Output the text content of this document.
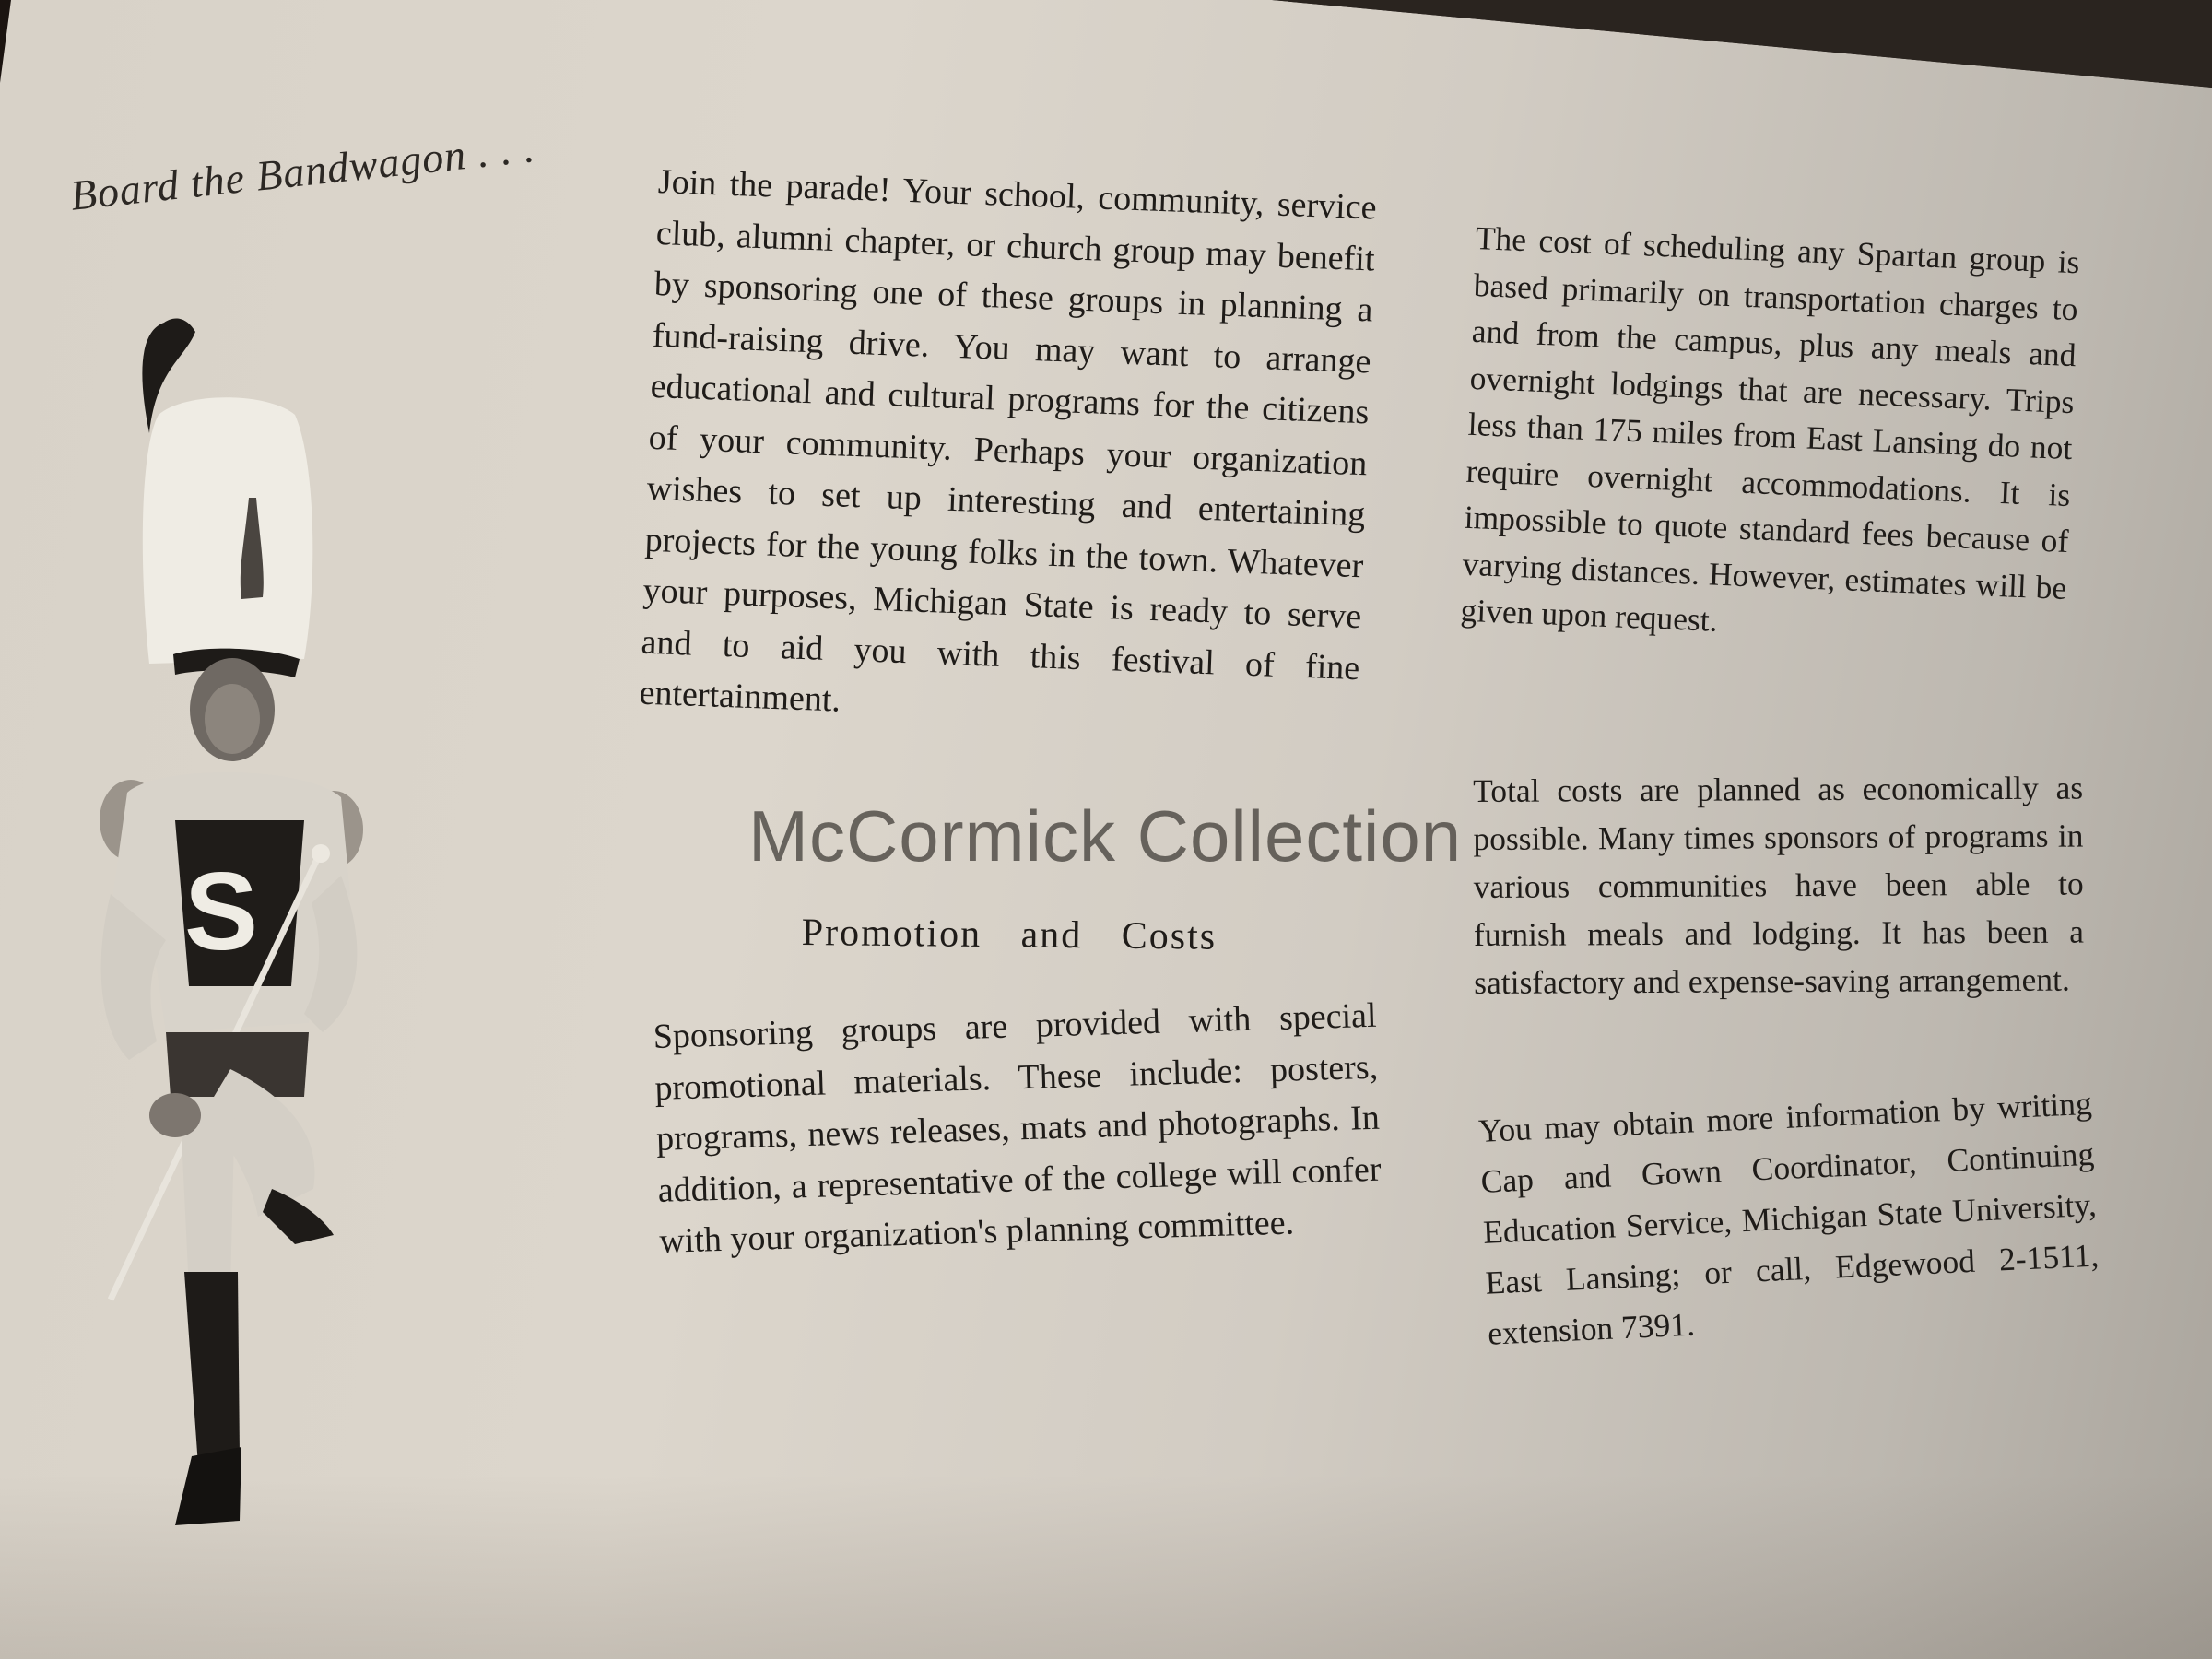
Board the Bandwagon . . .
S

Join the parade! Your school, community, service club, alumni chapter, or church group may benefit by sponsoring one of these groups in planning a fund-raising drive. You may want to arrange educational and cultural programs for the citizens of your community. Perhaps your organization wishes to set up interesting and entertaining projects for the young folks in the town. Whatever your purposes, Michigan State is ready to serve and to aid you with this festival of fine entertainment.

Promotion and Costs

Sponsoring groups are provided with special promotional materials. These include: posters, programs, news releases, mats and photographs. In addition, a representative of the college will confer with your organization's planning committee.

The cost of scheduling any Spartan group is based primarily on transportation charges to and from the campus, plus any meals and overnight lodgings that are necessary. Trips less than 175 miles from East Lansing do not require overnight accommodations. It is impossible to quote standard fees because of varying distances. However, estimates will be given upon request.

Total costs are planned as economically as possible. Many times sponsors of programs in various communities have been able to furnish meals and lodging. It has been a satisfactory and expense-saving arrangement.

You may obtain more information by writing Cap and Gown Coordinator, Continuing Education Service, Michigan State University, East Lansing; or call, Edgewood 2-1511, extension 7391.

McCormick Collection
